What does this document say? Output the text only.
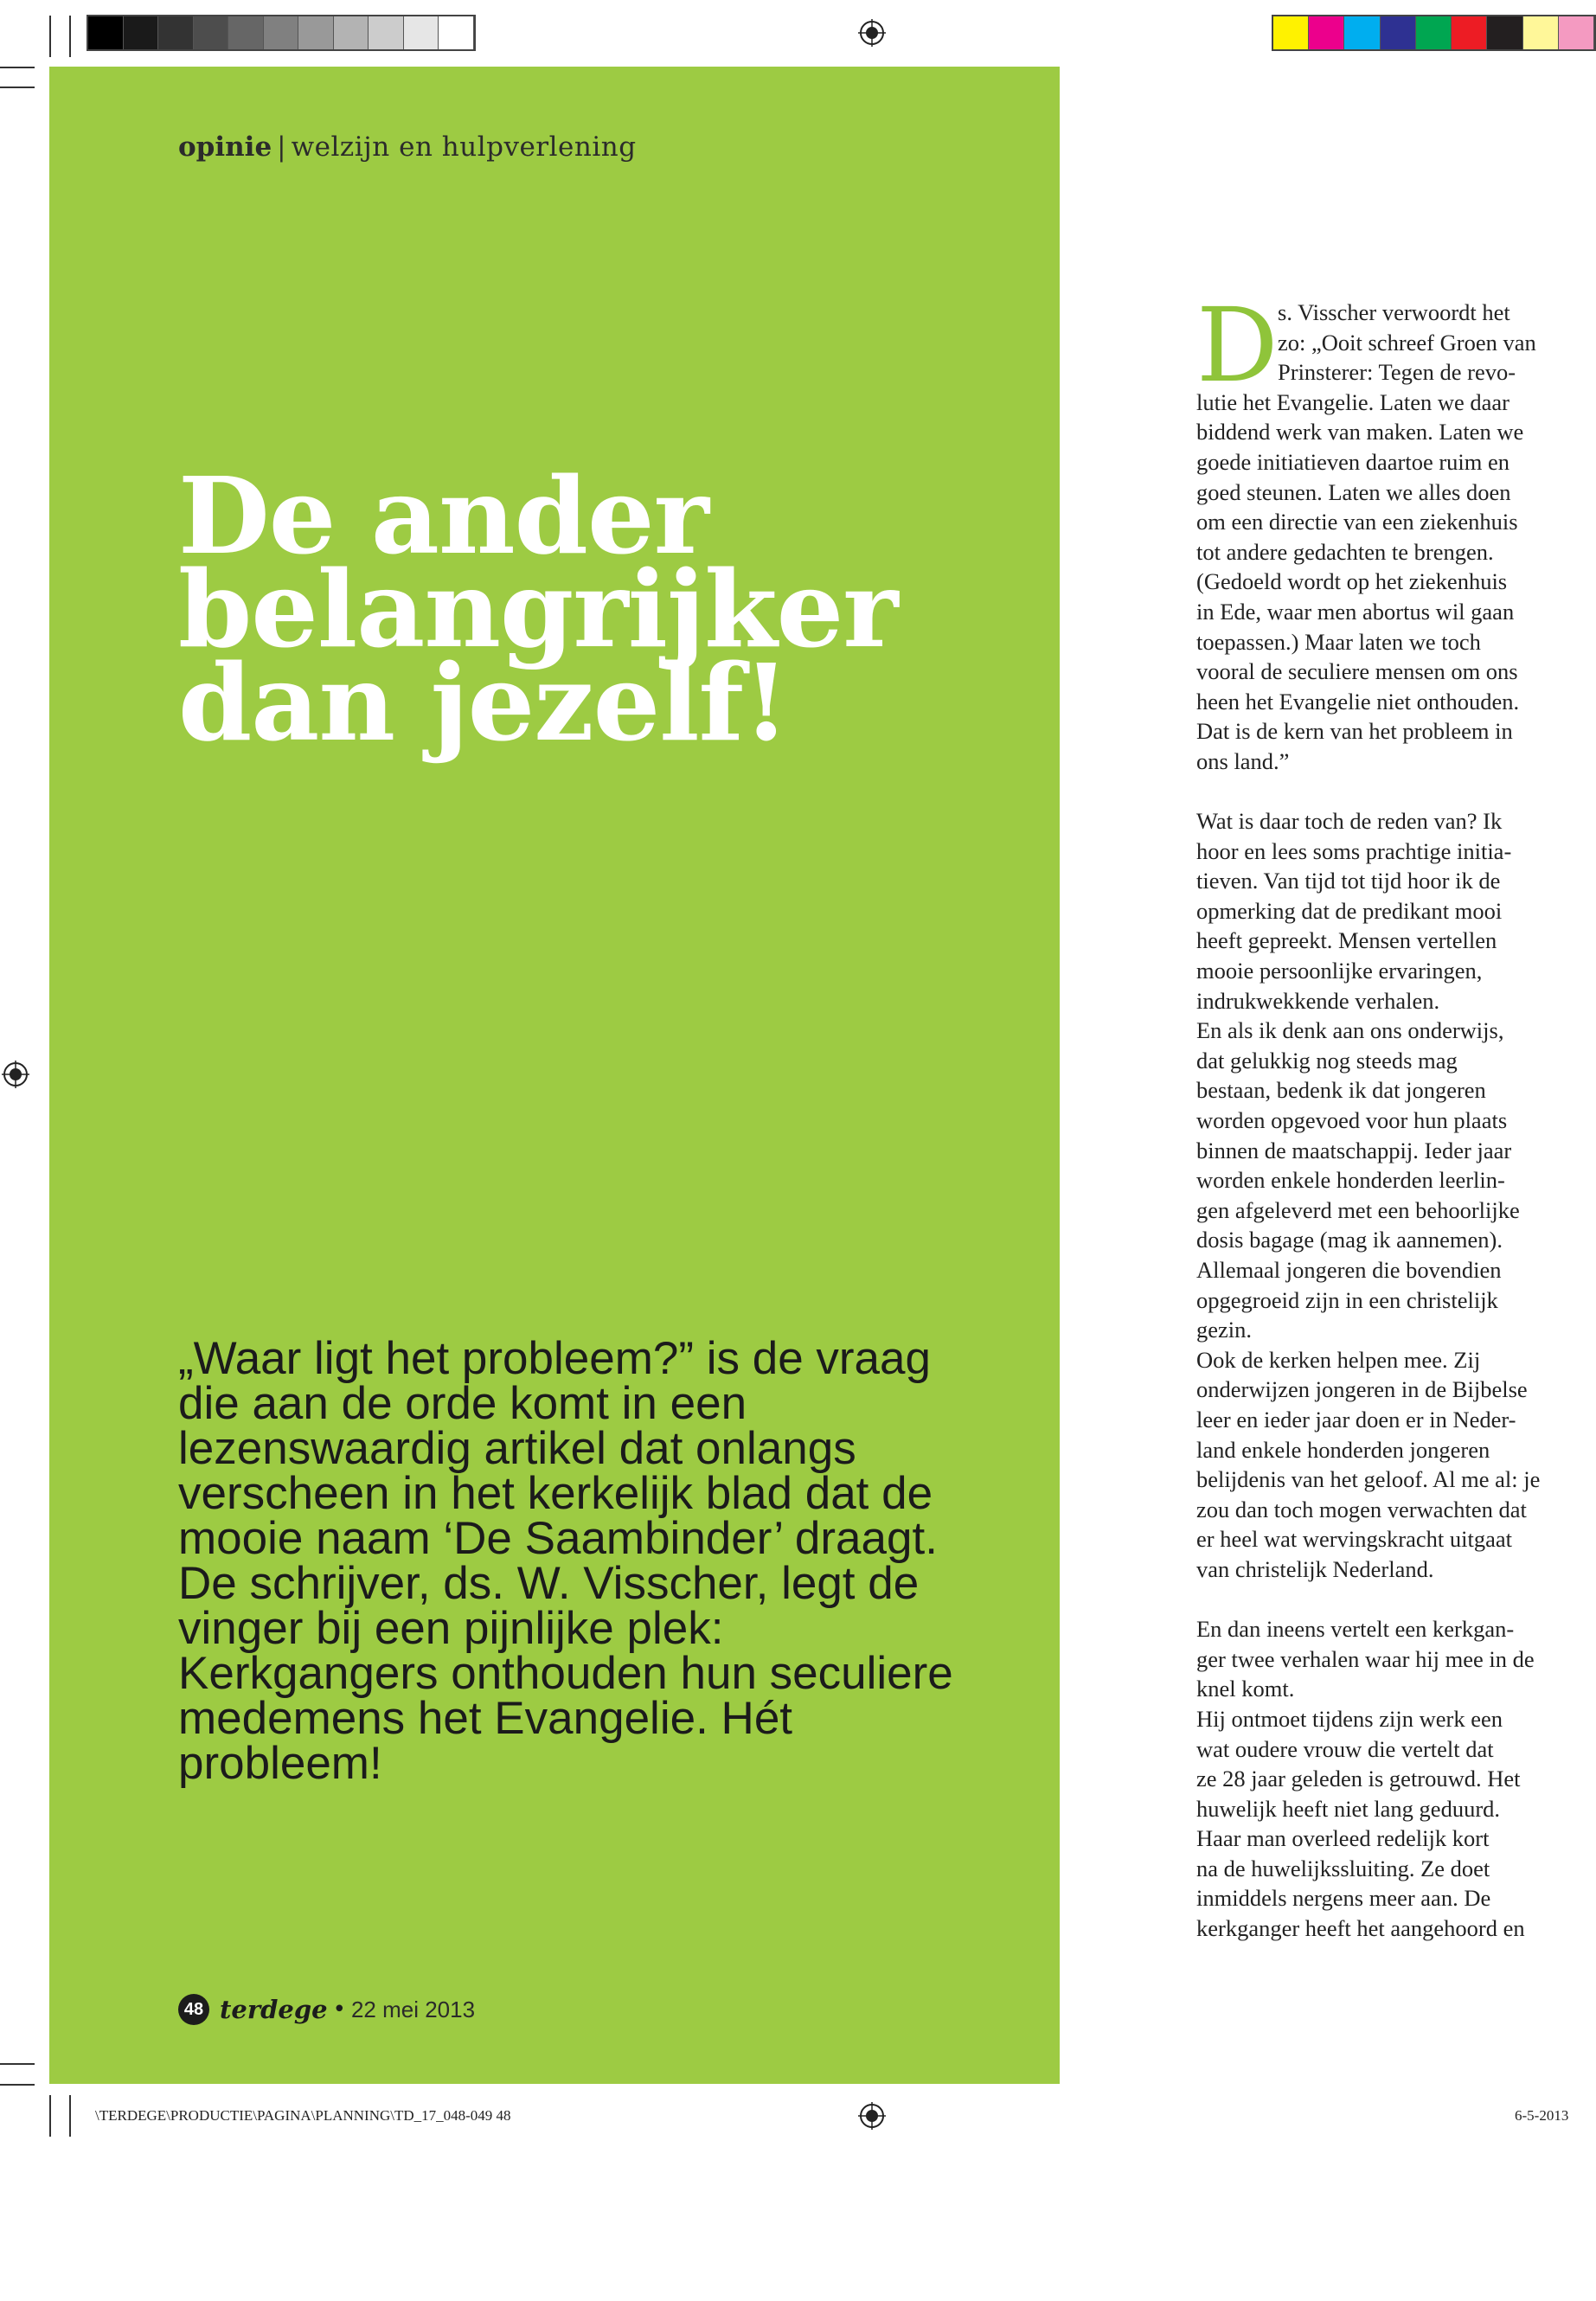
opinie | welzijn en hulpverlening
De ander
belangrijker
dan jezelf!

„Waar ligt het probleem?” is de vraag die aan de orde komt in een lezenswaardig artikel dat onlangs verscheen in het kerkelijk blad dat de mooie naam ‘De Saambinder’ draagt. De schrijver, ds. W. Visscher, legt de vinger bij een pijnlijke plek: Kerkgangers onthouden hun seculiere medemens het Evangelie. Hét probleem!

48 terdege • 22 mei 2013
D s. Visscher verwoordt het
zo: „Ooit schreef Groen van
Prinsterer: Tegen de revo-
lutie het Evangelie. Laten we daar
biddend werk van maken. Laten we
goede initiatieven daartoe ruim en
goed steunen. Laten we alles doen
om een directie van een ziekenhuis
tot andere gedachten te brengen.
(Gedoeld wordt op het ziekenhuis
in Ede, waar men abortus wil gaan
toepassen.) Maar laten we toch
vooral de seculiere mensen om ons
heen het Evangelie niet onthouden.
Dat is de kern van het probleem in
ons land.”

Wat is daar toch de reden van? Ik
hoor en lees soms prachtige initia-
tieven. Van tijd tot tijd hoor ik de
opmerking dat de predikant mooi
heeft gepreekt. Mensen vertellen
mooie persoonlijke ervaringen,
indrukwekkende verhalen.
En als ik denk aan ons onderwijs,
dat gelukkig nog steeds mag
bestaan, bedenk ik dat jongeren
worden opgevoed voor hun plaats
binnen de maatschappij. Ieder jaar
worden enkele honderden leerlin-
gen afgeleverd met een behoorlijke
dosis bagage (mag ik aannemen).
Allemaal jongeren die bovendien
opgegroeid zijn in een christelijk
gezin.
Ook de kerken helpen mee. Zij
onderwijzen jongeren in de Bijbelse
leer en ieder jaar doen er in Neder-
land enkele honderden jongeren
belijdenis van het geloof. Al me al: je
zou dan toch mogen verwachten dat
er heel wat wervingskracht uitgaat
van christelijk Nederland.

En dan ineens vertelt een kerkgan-
ger twee verhalen waar hij mee in de
knel komt.
Hij ontmoet tijdens zijn werk een
wat oudere vrouw die vertelt dat
ze 28 jaar geleden is getrouwd. Het
huwelijk heeft niet lang geduurd.
Haar man overleed redelijk kort
na de huwelijkssluiting. Ze doet
inmiddels nergens meer aan. De
kerkganger heeft het aangehoord en

\TERDEGE\PRODUCTIE\PAGINA\PLANNING\TD_17_048-049 48	6-5-2013
